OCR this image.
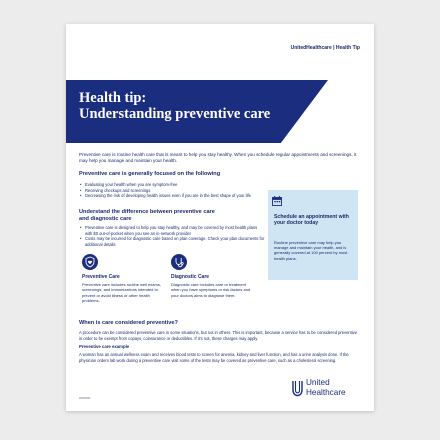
UnitedHealthcare | Health Tip
Health tip:
Understanding preventive care
Preventive care is routine health care that is meant to help you stay healthy. When you schedule regular appointments and screenings, it may help you manage and maintain your health.
Preventive care is generally focused on the following
• Evaluating your health when you are symptom-free
• Receiving checkups and screenings
• Decreasing the risk of developing health issues even if you are in the best shape of your life
Understand the difference between preventive care
and diagnostic care
• Preventive care is designed to help you stay healthy, and may be covered by most health plans with $0 out-of-pocket when you see an in-network provider
• Costs may be incurred for diagnostic care based on plan coverage. Check your plan documents for additional details
Schedule an appointment with your doctor today
Routine preventive care may help you manage and maintain your health, and is generally covered at 100 percent by most health plans.
Preventive Care
Preventive care includes routine well exams, screenings, and immunizations intended to prevent or avoid illness or other health problems.
Diagnostic Care
Diagnostic care includes care or treatment when you have symptoms or risk factors and your doctors aims to diagnose them.
When is care considered preventive?
A procedure can be considered preventive care in some situations, but not in others. This is important, because a service has to be considered preventive in order to be exempt from copays, coinsurance or deductibles. If it’s not, these charges may apply.
Preventive care example
A woman has an annual wellness exam and receives blood tests to screen for anemia, kidney and liver function, and has a urine analysis done. If the physician orders lab work during a preventive care visit some of the tests may be covered as preventive care, such as a cholesterol screening.
United
Healthcare
WF0000
